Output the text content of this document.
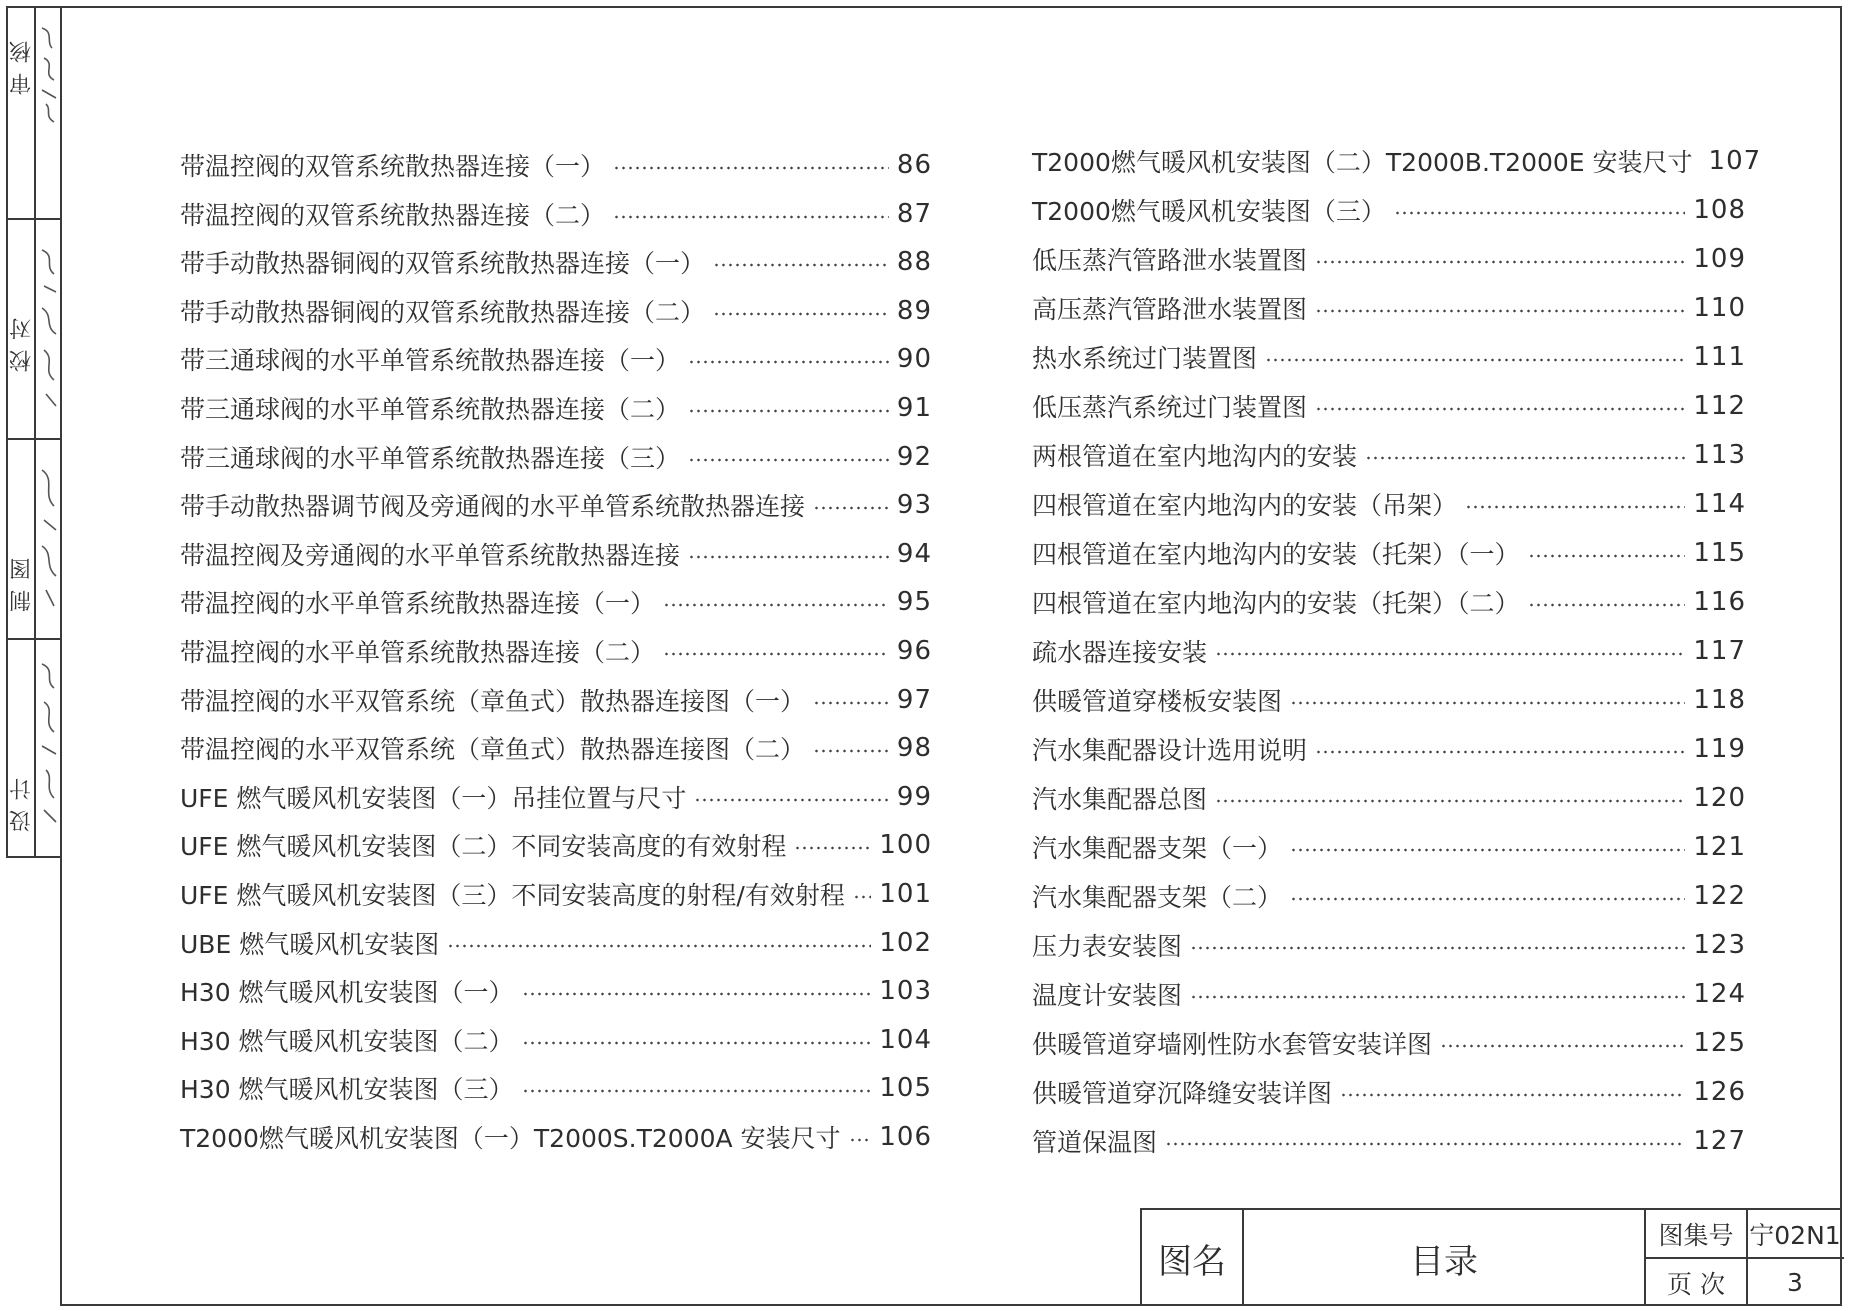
审核
校对
制图
设计
带温控阀的双管系统散热器连接（一）	86
带温控阀的双管系统散热器连接（二）	87
带手动散热器铜阀的双管系统散热器连接（一）	88
带手动散热器铜阀的双管系统散热器连接（二）	89
带三通球阀的水平单管系统散热器连接（一）	90
带三通球阀的水平单管系统散热器连接（二）	91
带三通球阀的水平单管系统散热器连接（三）	92
带手动散热器调节阀及旁通阀的水平单管系统散热器连接	93
带温控阀及旁通阀的水平单管系统散热器连接	94
带温控阀的水平单管系统散热器连接（一）	95
带温控阀的水平单管系统散热器连接（二）	96
带温控阀的水平双管系统（章鱼式）散热器连接图（一）	97
带温控阀的水平双管系统（章鱼式）散热器连接图（二）	98
UFE 燃气暖风机安装图（一）吊挂位置与尺寸	99
UFE 燃气暖风机安装图（二）不同安装高度的有效射程	100
UFE 燃气暖风机安装图（三）不同安装高度的射程/有效射程 101
UBE 燃气暖风机安装图	102
H30 燃气暖风机安装图（一）	103
H30 燃气暖风机安装图（二）	104
H30 燃气暖风机安装图（三）	105
T2000燃气暖风机安装图（一）T2000S.T2000A 安装尺寸 106
T2000燃气暖风机安装图（二）T2000B.T2000E 安装尺寸 107
T2000燃气暖风机安装图（三）	108
低压蒸汽管路泄水装置图	109
高压蒸汽管路泄水装置图	110
热水系统过门装置图	111
低压蒸汽系统过门装置图	112
两根管道在室内地沟内的安装	113
四根管道在室内地沟内的安装（吊架）	114
四根管道在室内地沟内的安装（托架）（一）	115
四根管道在室内地沟内的安装（托架）（二）	116
疏水器连接安装	117
供暖管道穿楼板安装图	118
汽水集配器设计选用说明	119
汽水集配器总图	120
汽水集配器支架（一）	121
汽水集配器支架（二）	122
压力表安装图	123
温度计安装图	124
供暖管道穿墙刚性防水套管安装详图	125
供暖管道穿沉降缝安装详图	126
管道保温图	127
图名	目录
图集号 宁02N1
页 次	3
